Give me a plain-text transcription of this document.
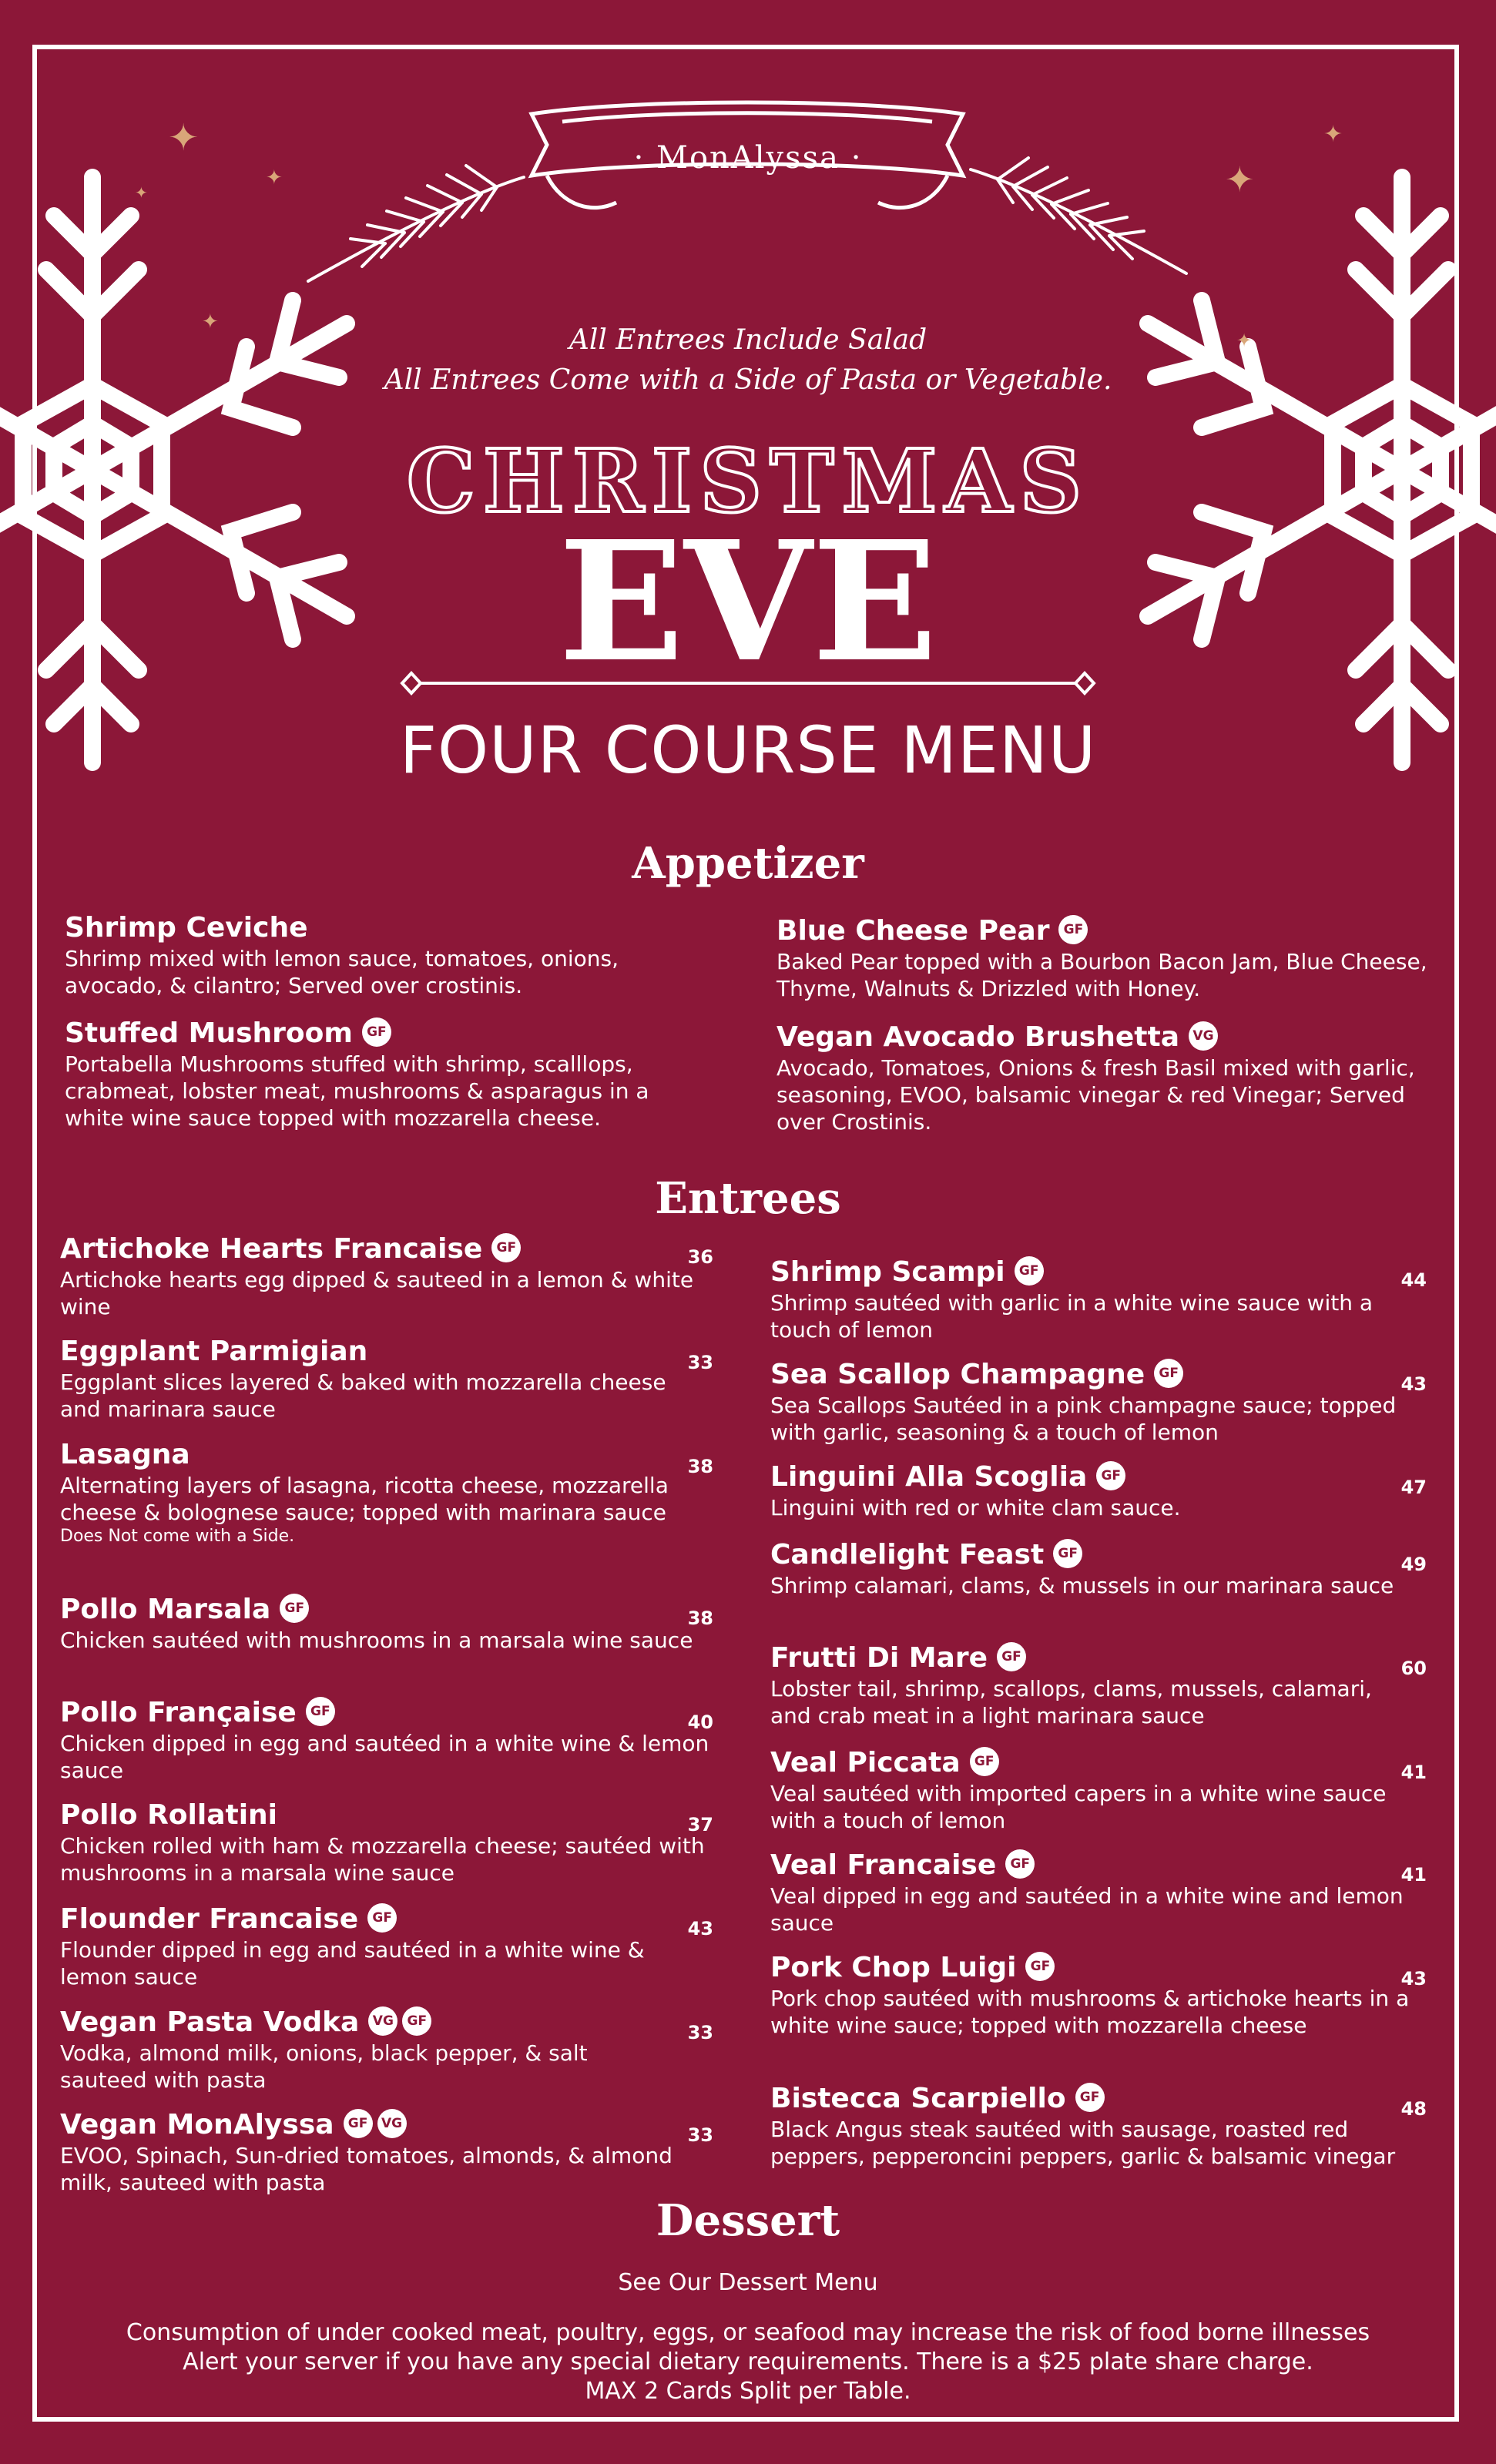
✦
✦
✦
✦	✦
✦
✦
· MonAlyssa ·
All Entrees Include Salad
All Entrees Come with a Side of Pasta or Vegetable.
CHRISTMAS
EVE
FOUR COURSE MENU
Appetizer
Shrimp Ceviche
Shrimp mixed with lemon sauce, tomatoes, onions, avocado, & cilantro; Served over crostinis.
Stuffed Mushroom GF
Portabella Mushrooms stuffed with shrimp, scalllops, crabmeat, lobster meat, mushrooms & asparagus in a white wine sauce topped with mozzarella cheese.
Blue Cheese Pear GF
Baked Pear topped with a Bourbon Bacon Jam, Blue Cheese, Thyme, Walnuts & Drizzled with Honey.
Vegan Avocado Brushetta VG
Avocado, Tomatoes, Onions & fresh Basil mixed with garlic, seasoning, EVOO, balsamic vinegar & red Vinegar; Served over Crostinis.
Entrees
Artichoke Hearts Francaise GF
Artichoke hearts egg dipped & sauteed in a lemon & white wine
36
Eggplant Parmigian
Eggplant slices layered & baked with mozzarella cheese and marinara sauce
33
Lasagna
Alternating layers of lasagna, ricotta cheese, mozzarella cheese & bolognese sauce; topped with marinara sauce
Does Not come with a Side.
38
Pollo Marsala GF
Chicken sautéed with mushrooms in a marsala wine sauce
38
Pollo Française GF
Chicken dipped in egg and sautéed in a white wine & lemon sauce
40
Pollo Rollatini
Chicken rolled with ham & mozzarella cheese; sautéed with mushrooms in a marsala wine sauce
37
Flounder Francaise GF
Flounder dipped in egg and sautéed in a white wine & lemon sauce
43
Vegan Pasta Vodka VG GF
Vodka, almond milk, onions, black pepper, & salt sauteed with pasta
33
Vegan MonAlyssa GF VG
EVOO, Spinach, Sun-dried tomatoes, almonds, & almond milk, sauteed with pasta
33
Shrimp Scampi GF
Shrimp sautéed with garlic in a white wine sauce with a touch of lemon
44
Sea Scallop Champagne GF
Sea Scallops Sautéed in a pink champagne sauce; topped with garlic, seasoning & a touch of lemon
43
Linguini Alla Scoglia GF
Linguini with red or white clam sauce.
47
Candlelight Feast GF
Shrimp calamari, clams, & mussels in our marinara sauce
49
Frutti Di Mare GF
Lobster tail, shrimp, scallops, clams, mussels, calamari, and crab meat in a light marinara sauce
60
Veal Piccata GF
Veal sautéed with imported capers in a white wine sauce with a touch of lemon
41
Veal Francaise GF
Veal dipped in egg and sautéed in a white wine and lemon sauce
41
Pork Chop Luigi GF
Pork chop sautéed with mushrooms & artichoke hearts in a white wine sauce; topped with mozzarella cheese
43
Bistecca Scarpiello GF
Black Angus steak sautéed with sausage, roasted red peppers, pepperoncini peppers, garlic & balsamic vinegar
48
Dessert
See Our Dessert Menu
Consumption of under cooked meat, poultry, eggs, or seafood may increase the risk of food borne illnesses
Alert your server if you have any special dietary requirements. There is a $25 plate share charge.
MAX 2 Cards Split per Table.
